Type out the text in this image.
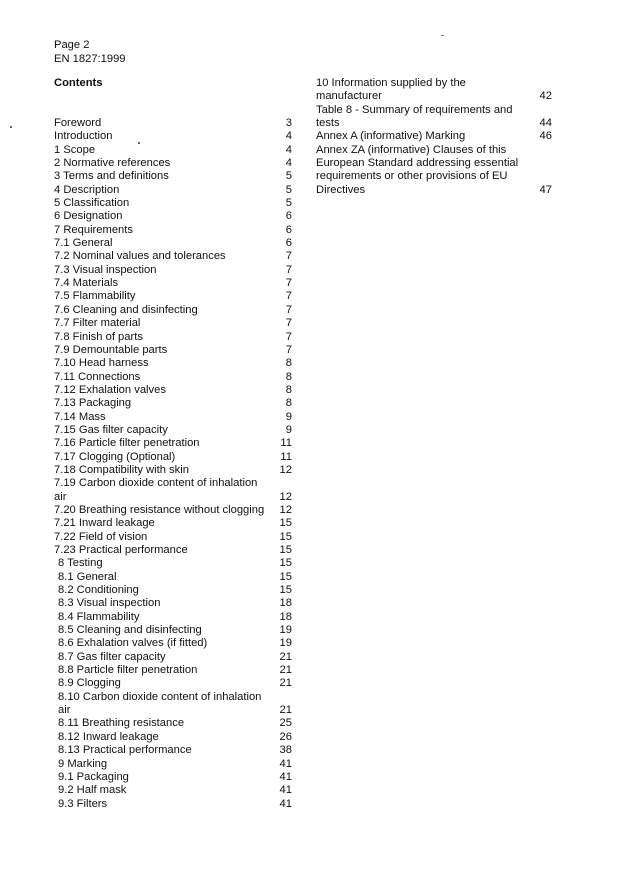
Page 2
EN 1827:1999
Contents
Foreword	3
Introduction	4
1 Scope	4
2 Normative references	4
3 Terms and definitions	5
4 Description	5
5 Classification	5
6 Designation	6
7 Requirements	6
7.1 General	6
7.2 Nominal values and tolerances	7
7.3 Visual inspection	7
7.4 Materials	7
7.5 Flammability	7
7.6 Cleaning and disinfecting	7
7.7 Filter material	7
7.8 Finish of parts	7
7.9 Demountable parts	7
7.10 Head harness	8
7.11 Connections	8
7.12 Exhalation valves	8
7.13 Packaging	8
7.14 Mass	9
7.15 Gas filter capacity	9
7.16 Particle filter penetration	11
7.17 Clogging (Optional)	11
7.18 Compatibility with skin	12
7.19 Carbon dioxide content of inhalation
air	12
7.20 Breathing resistance without clogging 12
7.21 Inward leakage	15
7.22 Field of vision	15
7.23 Practical performance	15
8 Testing	15
8.1 General	15
8.2 Conditioning	15
8.3 Visual inspection	18
8.4 Flammability	18
8.5 Cleaning and disinfecting	19
8.6 Exhalation valves (if fitted)	19
8.7 Gas filter capacity	21
8.8 Particle filter penetration	21
8.9 Clogging	21
8.10 Carbon dioxide content of inhalation
air	21
8.11 Breathing resistance	25
8.12 Inward leakage	26
8.13 Practical performance	38
9 Marking	41
9.1 Packaging	41
9.2 Half mask	41
9.3 Filters	41
10 Information supplied by the
manufacturer	42
Table 8 - Summary of requirements and
tests	44
Annex A (informative) Marking	46
Annex ZA (informative) Clauses of this
European Standard addressing essential
requirements or other provisions of EU
Directives	47
